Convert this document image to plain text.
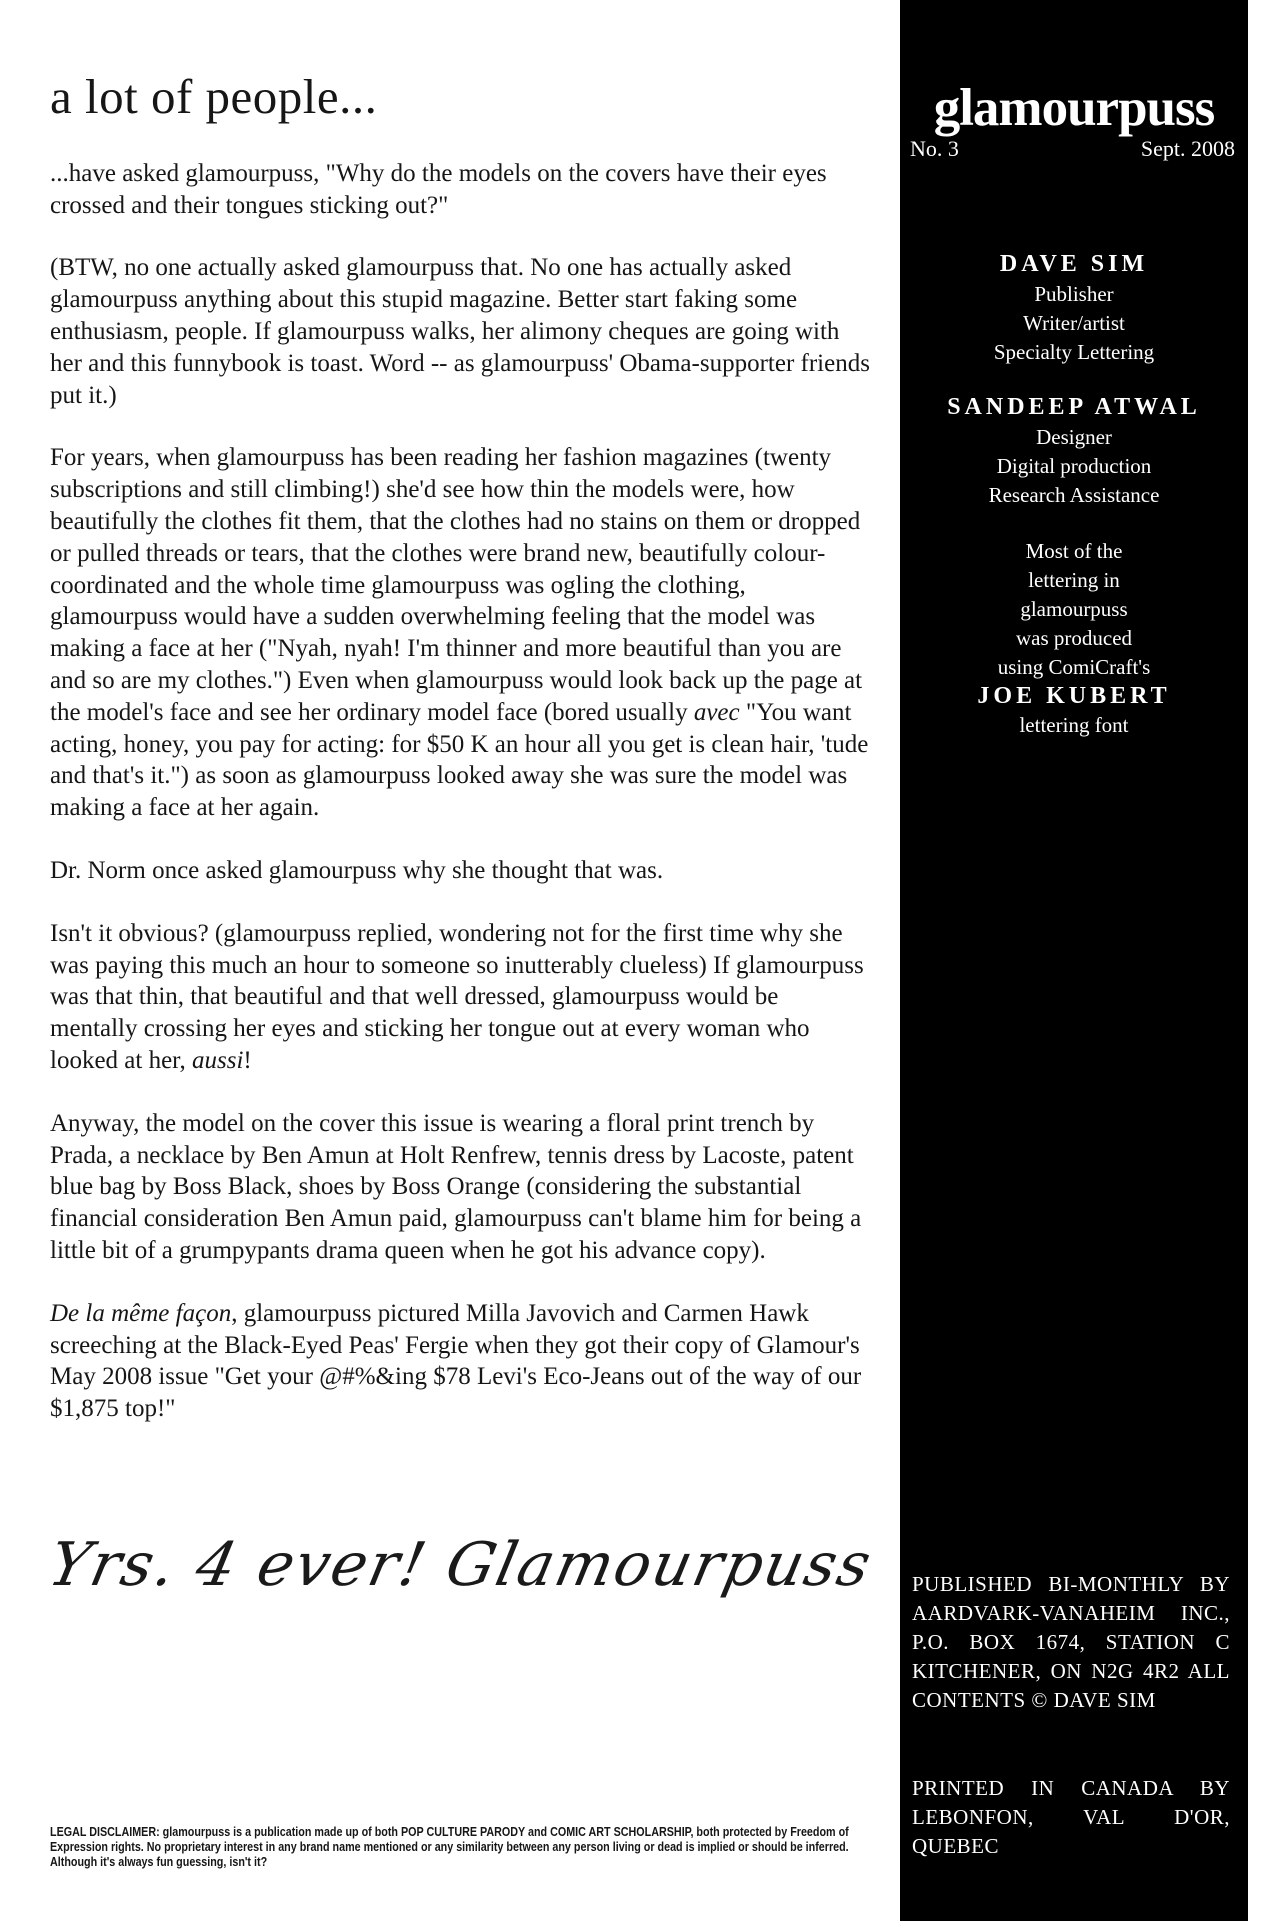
a lot of people...

...have asked glamourpuss, "Why do the models on the covers have their eyes crossed and their tongues sticking out?"

(BTW, no one actually asked glamourpuss that. No one has actually asked glamourpuss anything about this stupid magazine. Better start faking some enthusiasm, people. If glamourpuss walks, her alimony cheques are going with her and this funnybook is toast. Word -- as glamourpuss' Obama-supporter friends put it.)

For years, when glamourpuss has been reading her fashion magazines (twenty subscriptions and still climbing!) she'd see how thin the models were, how beautifully the clothes fit them, that the clothes had no stains on them or dropped or pulled threads or tears, that the clothes were brand new, beautifully colour-coordinated and the whole time glamourpuss was ogling the clothing, glamourpuss would have a sudden overwhelming feeling that the model was making a face at her ("Nyah, nyah! I'm thinner and more beautiful than you are and so are my clothes.") Even when glamourpuss would look back up the page at the model's face and see her ordinary model face (bored usually avec "You want acting, honey, you pay for acting: for $50 K an hour all you get is clean hair, 'tude and that's it.") as soon as glamourpuss looked away she was sure the model was making a face at her again.

Dr. Norm once asked glamourpuss why she thought that was.

Isn't it obvious? (glamourpuss replied, wondering not for the first time why she was paying this much an hour to someone so inutterably clueless) If glamourpuss was that thin, that beautiful and that well dressed, glamourpuss would be mentally crossing her eyes and sticking her tongue out at every woman who looked at her, aussi!

Anyway, the model on the cover this issue is wearing a floral print trench by Prada, a necklace by Ben Amun at Holt Renfrew, tennis dress by Lacoste, patent blue bag by Boss Black, shoes by Boss Orange (considering the substantial financial consideration Ben Amun paid, glamourpuss can't blame him for being a little bit of a grumpypants drama queen when he got his advance copy).

De la même façon, glamourpuss pictured Milla Javovich and Carmen Hawk screeching at the Black-Eyed Peas' Fergie when they got their copy of Glamour's May 2008 issue "Get your @#%&ing $78 Levi's Eco-Jeans out of the way of our $1,875 top!"

Yrs. 4 ever! Glamourpuss
LEGAL DISCLAIMER: glamourpuss is a publication made up of both POP CULTURE PARODY and COMIC ART SCHOLARSHIP, both protected by Freedom of Expression rights. No proprietary interest in any brand name mentioned or any similarity between any person living or dead is implied or should be inferred. Although it's always fun guessing, isn't it?
glamourpuss
No. 3	Sept. 2008
DAVE SIM
Publisher
Writer/artist
Specialty Lettering
SANDEEP ATWAL
Designer
Digital production
Research Assistance
Most of the
lettering in
glamourpuss
was produced
using ComiCraft's
JOE KUBERT
lettering font
PUBLISHED BI-MONTHLY BY AARDVARK-VANAHEIM INC., P.O. BOX 1674, STATION C KITCHENER, ON N2G 4R2 ALL CONTENTS © DAVE SIM
PRINTED IN CANADA BY LEBONFON, VAL D'OR, QUEBEC
